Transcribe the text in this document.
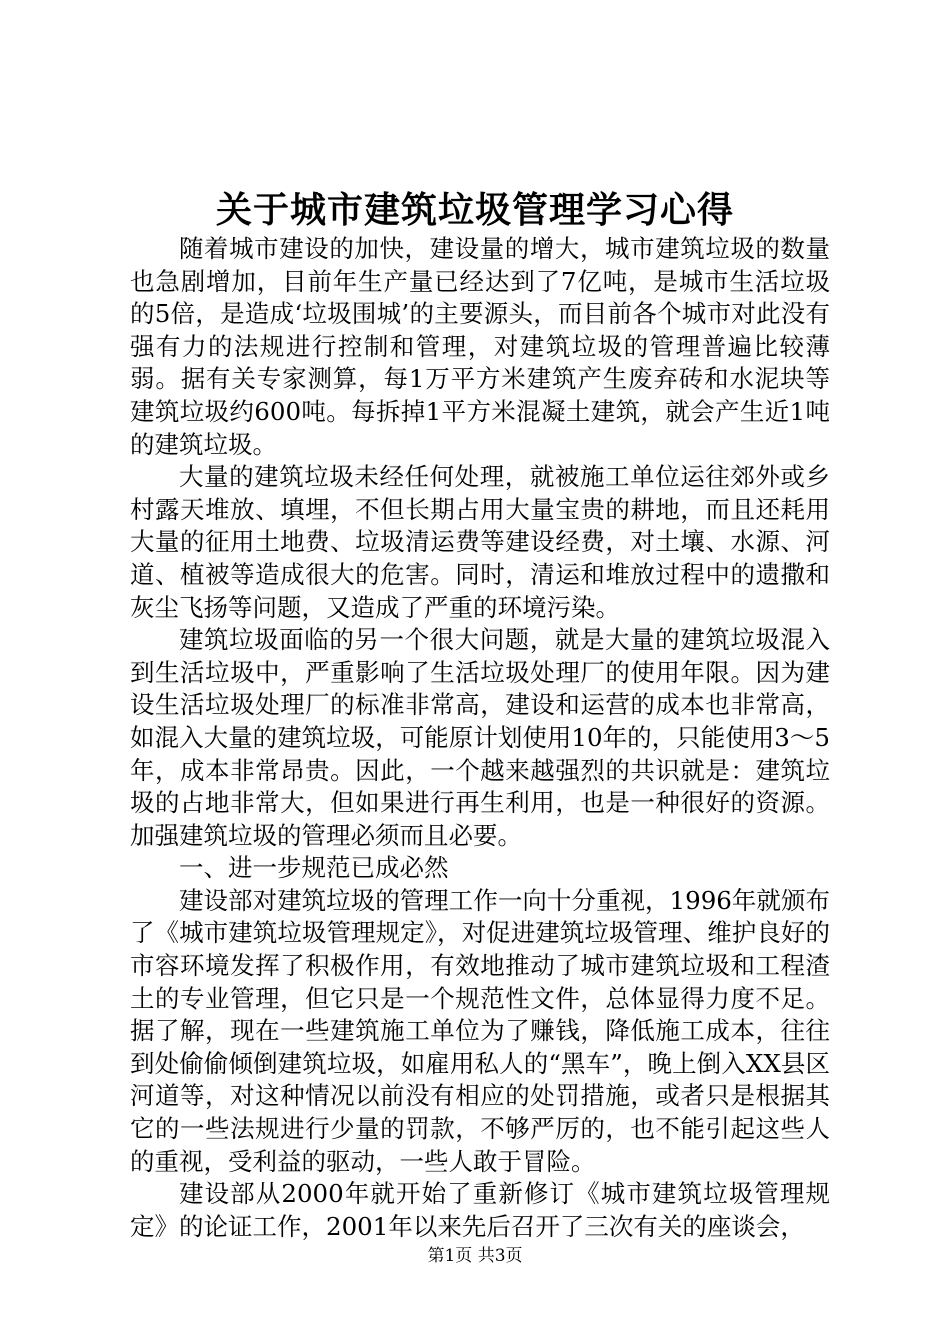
关于城市建筑垃圾管理学习心得

随着城市建设的加快，建设量的增大，城市建筑垃圾的数量也急剧增加，目前年生产量已经达到了7亿吨，是城市生活垃圾的5倍，是造成‘垃圾围城’的主要源头，而目前各个城市对此没有强有力的法规进行控制和管理，对建筑垃圾的管理普遍比较薄弱。据有关专家测算，每1万平方米建筑产生废弃砖和水泥块等建筑垃圾约600吨。每拆掉1平方米混凝土建筑，就会产生近1吨的建筑垃圾。

大量的建筑垃圾未经任何处理，就被施工单位运往郊外或乡村露天堆放、填埋，不但长期占用大量宝贵的耕地，而且还耗用大量的征用土地费、垃圾清运费等建设经费，对土壤、水源、河道、植被等造成很大的危害。同时，清运和堆放过程中的遗撒和灰尘飞扬等问题，又造成了严重的环境污染。

建筑垃圾面临的另一个很大问题，就是大量的建筑垃圾混入到生活垃圾中，严重影响了生活垃圾处理厂的使用年限。因为建设生活垃圾处理厂的标准非常高，建设和运营的成本也非常高，如混入大量的建筑垃圾，可能原计划使用10年的，只能使用3～5年，成本非常昂贵。因此，一个越来越强烈的共识就是：建筑垃圾的占地非常大，但如果进行再生利用，也是一种很好的资源。加强建筑垃圾的管理必须而且必要。

一、进一步规范已成必然

建设部对建筑垃圾的管理工作一向十分重视，1996年就颁布了《城市建筑垃圾管理规定》，对促进建筑垃圾管理、维护良好的市容环境发挥了积极作用，有效地推动了城市建筑垃圾和工程渣土的专业管理，但它只是一个规范性文件，总体显得力度不足。据了解，现在一些建筑施工单位为了赚钱，降低施工成本，往往到处偷偷倾倒建筑垃圾，如雇用私人的“黑车”，晚上倒入XX县区河道等，对这种情况以前没有相应的处罚措施，或者只是根据其它的一些法规进行少量的罚款，不够严厉的，也不能引起这些人的重视，受利益的驱动，一些人敢于冒险。

建设部从2000年就开始了重新修订《城市建筑垃圾管理规定》的论证工作，2001年以来先后召开了三次有关的座谈会，

第1页 共3页
